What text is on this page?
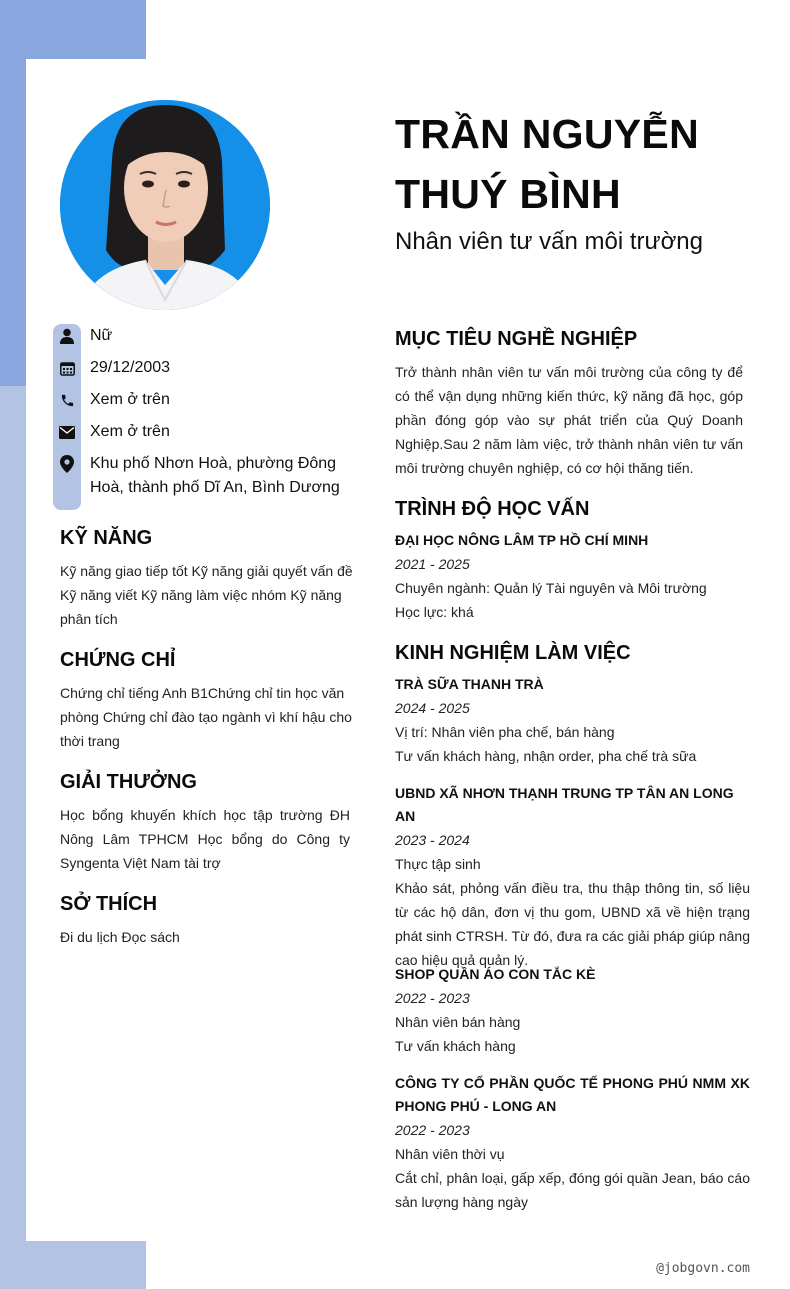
TRẦN NGUYỄN THUÝ BÌNH
Nhân viên tư vấn môi trường
Nữ
29/12/2003
Xem ở trên
Xem ở trên
Khu phố Nhơn Hoà, phường Đông Hoà, thành phố Dĩ An, Bình Dương
KỸ NĂNG
Kỹ năng giao tiếp tốt Kỹ năng giải quyết vấn đề Kỹ năng viết Kỹ năng làm việc nhóm Kỹ năng phân tích
CHỨNG CHỈ
Chứng chỉ tiếng Anh B1Chứng chỉ tin học văn phòng Chứng chỉ đào tạo ngành vì khí hậu cho thời trang
GIẢI THƯỞNG
Học bổng khuyến khích học tập trường ĐH Nông Lâm TPHCM Học bổng do Công ty Syngenta Việt Nam tài trợ
SỞ THÍCH
Đi du lịch Đọc sách
MỤC TIÊU NGHỀ NGHIỆP
Trở thành nhân viên tư vấn môi trường của công ty để có thể vận dụng những kiến thức, kỹ năng đã học, góp phần đóng góp vào sự phát triển của Quý Doanh Nghiệp.Sau 2 năm làm việc, trở thành nhân viên tư vấn môi trường chuyên nghiệp, có cơ hội thăng tiến.
TRÌNH ĐỘ HỌC VẤN
ĐẠI HỌC NÔNG LÂM TP HỒ CHÍ MINH
2021 - 2025
Chuyên ngành: Quản lý Tài nguyên và Môi trường
Học lực: khá
KINH NGHIỆM LÀM VIỆC
TRÀ SỮA THANH TRÀ
2024 - 2025
Vị trí: Nhân viên pha chế, bán hàng
Tư vấn khách hàng, nhận order, pha chế trà sữa
UBND XÃ NHƠN THẠNH TRUNG TP TÂN AN LONG AN
2023 - 2024
Thực tập sinh
Khảo sát, phỏng vấn điều tra, thu thập thông tin, số liệu từ các hộ dân, đơn vị thu gom, UBND xã về hiện trạng phát sinh CTRSH. Từ đó, đưa ra các giải pháp giúp nâng cao hiệu quả quản lý.
SHOP QUẦN ÁO CON TẮC KÈ
2022 - 2023
Nhân viên bán hàng
Tư vấn khách hàng
CÔNG TY CỔ PHẦN QUỐC TẾ PHONG PHÚ NMM XK PHONG PHÚ - LONG AN
2022 - 2023
Nhân viên thời vụ
Cắt chỉ, phân loại, gấp xếp, đóng gói quần Jean, báo cáo sản lượng hàng ngày
@jobgovn.com
